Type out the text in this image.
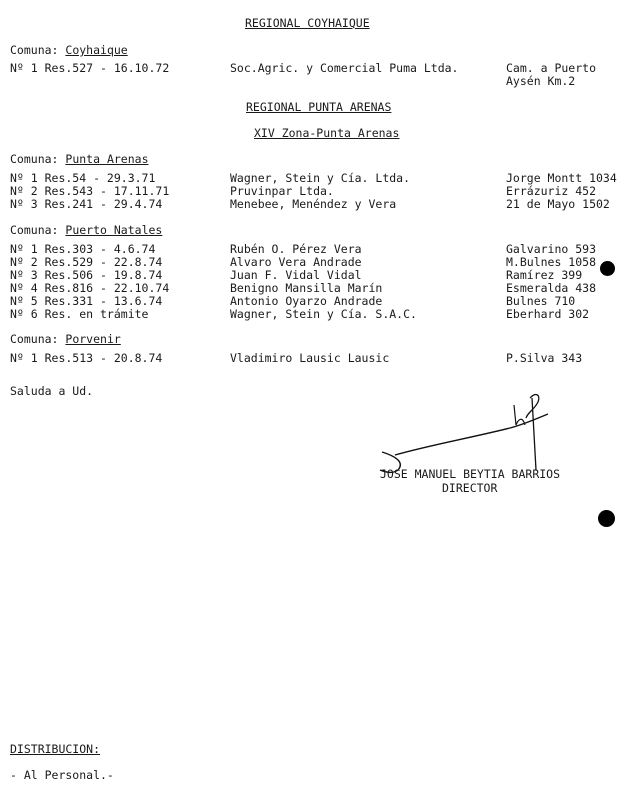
REGIONAL COYHAIQUE
Comuna: Coyhaique
Nº 1 Res.527 - 16.10.72	Soc.Agric. y Comercial Puma Ltda.	Cam. a Puerto
Aysén Km.2
REGIONAL PUNTA ARENAS
XIV Zona-Punta Arenas
Comuna: Punta Arenas
Nº 1 Res.54 - 29.3.71	Wagner, Stein y Cía. Ltda.	Jorge Montt 1034
Nº 2 Res.543 - 17.11.71	Pruvinpar Ltda.	Errázuriz 452
Nº 3 Res.241 - 29.4.74	Menebee, Menéndez y Vera	21 de Mayo 1502
Comuna: Puerto Natales
Nº 1 Res.303 - 4.6.74	Rubén O. Pérez Vera	Galvarino 593
Nº 2 Res.529 - 22.8.74	Alvaro Vera Andrade	M.Bulnes 1058
Nº 3 Res.506 - 19.8.74	Juan F. Vidal Vidal	Ramírez 399
Nº 4 Res.816 - 22.10.74	Benigno Mansilla Marín	Esmeralda 438
Nº 5 Res.331 - 13.6.74	Antonio Oyarzo Andrade	Bulnes 710
Nº 6 Res. en trámite	Wagner, Stein y Cía. S.A.C.	Eberhard 302
Comuna: Porvenir
Nº 1 Res.513 - 20.8.74	Vladimiro Lausic Lausic	P.Silva 343
Saluda a Ud.
JOSE MANUEL BEYTIA BARRIOS
DIRECTOR
DISTRIBUCION:
- Al Personal.-
